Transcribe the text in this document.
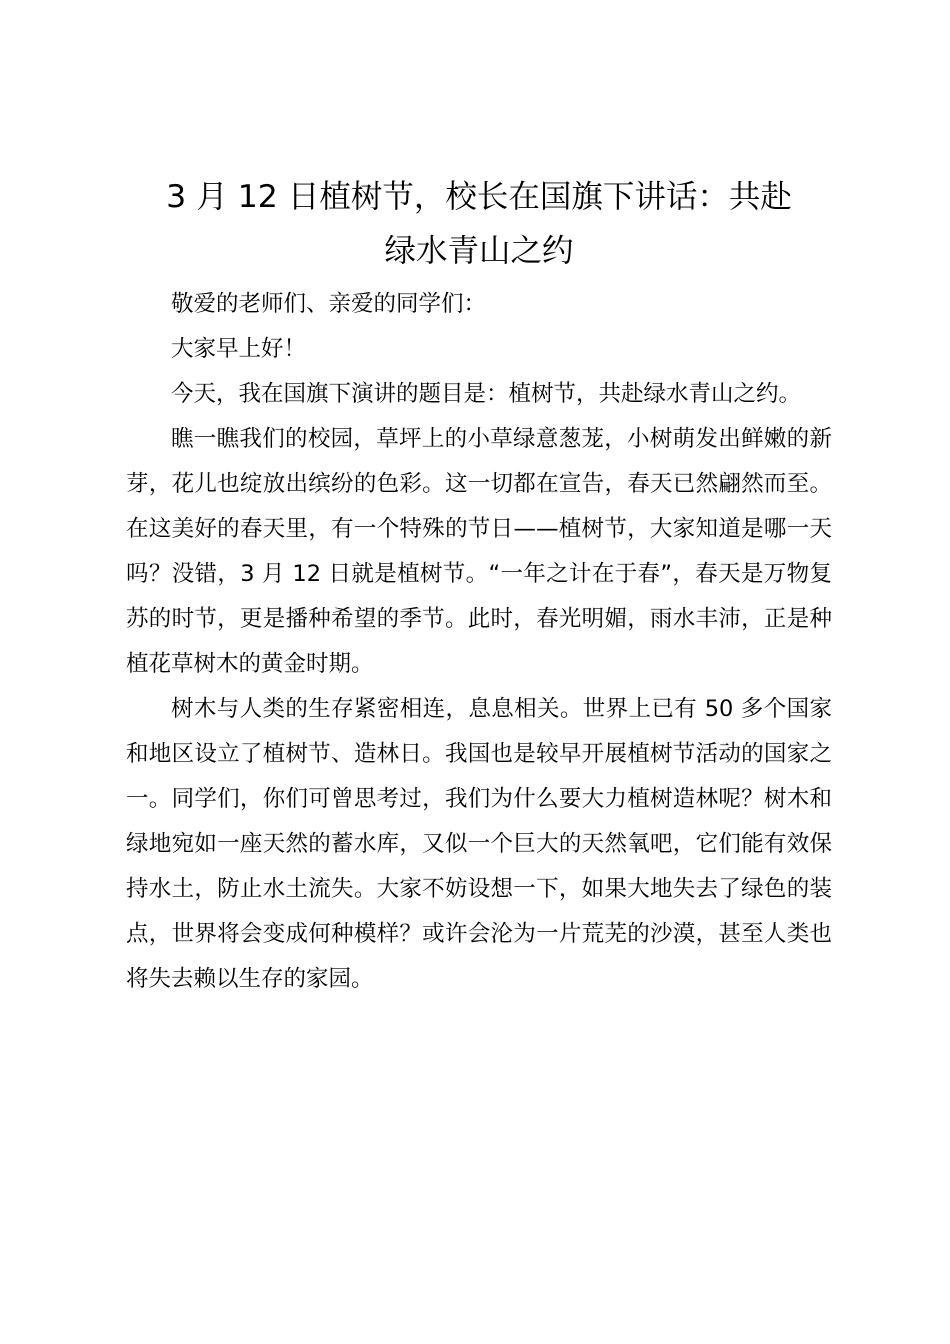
3 月 12 日植树节，校长在国旗下讲话：共赴
绿水青山之约

敬爱的老师们、亲爱的同学们：

大家早上好！

今天，我在国旗下演讲的题目是：植树节，共赴绿水青山之约。

瞧一瞧我们的校园，草坪上的小草绿意葱茏，小树萌发出鲜嫩的新芽，花儿也绽放出缤纷的色彩。这一切都在宣告，春天已然翩然而至。在这美好的春天里，有一个特殊的节日——植树节，大家知道是哪一天吗？没错，3 月 12 日就是植树节。“一年之计在于春”，春天是万物复苏的时节，更是播种希望的季节。此时，春光明媚，雨水丰沛，正是种植花草树木的黄金时期。

树木与人类的生存紧密相连，息息相关。世界上已有 50 多个国家和地区设立了植树节、造林日。我国也是较早开展植树节活动的国家之一。同学们，你们可曾思考过，我们为什么要大力植树造林呢？树木和绿地宛如一座天然的蓄水库，又似一个巨大的天然氧吧，它们能有效保持水土，防止水土流失。大家不妨设想一下，如果大地失去了绿色的装点，世界将会变成何种模样？或许会沦为一片荒芜的沙漠，甚至人类也将失去赖以生存的家园。
